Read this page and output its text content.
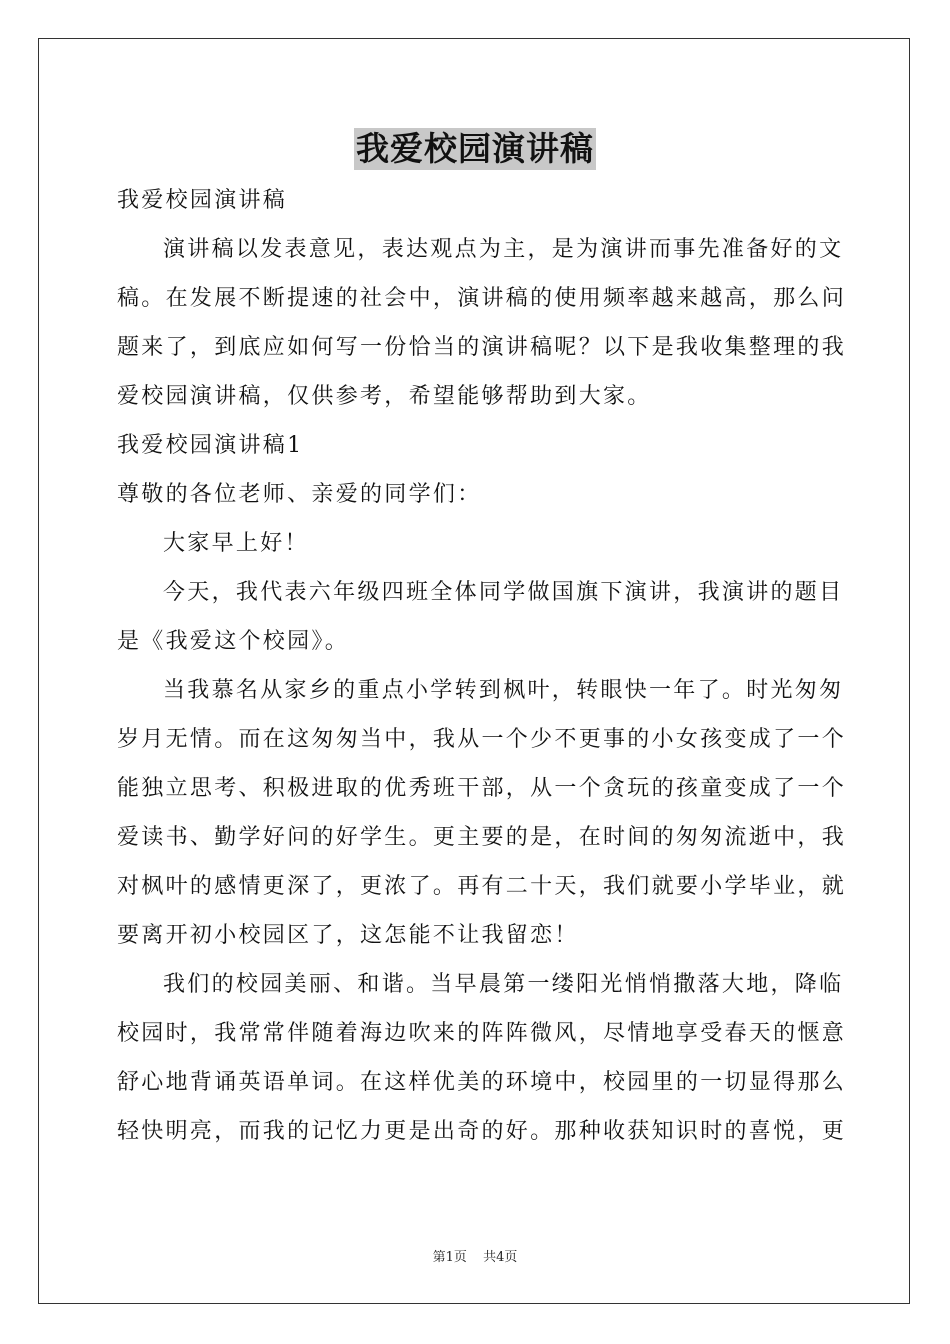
我爱校园演讲稿

我爱校园演讲稿

演讲稿以发表意见，表达观点为主，是为演讲而事先准备好的文

稿。在发展不断提速的社会中，演讲稿的使用频率越来越高，那么问

题来了，到底应如何写一份恰当的演讲稿呢？以下是我收集整理的我

爱校园演讲稿，仅供参考，希望能够帮助到大家。

我爱校园演讲稿1

尊敬的各位老师、亲爱的同学们：

大家早上好！

今天，我代表六年级四班全体同学做国旗下演讲，我演讲的题目

是《我爱这个校园》。

当我慕名从家乡的重点小学转到枫叶，转眼快一年了。时光匆匆

岁月无情。而在这匆匆当中，我从一个少不更事的小女孩变成了一个

能独立思考、积极进取的优秀班干部，从一个贪玩的孩童变成了一个

爱读书、勤学好问的好学生。更主要的是，在时间的匆匆流逝中，我

对枫叶的感情更深了，更浓了。再有二十天，我们就要小学毕业，就

要离开初小校园区了，这怎能不让我留恋！

我们的校园美丽、和谐。当早晨第一缕阳光悄悄撒落大地，降临

校园时，我常常伴随着海边吹来的阵阵微风，尽情地享受春天的惬意

舒心地背诵英语单词。在这样优美的环境中，校园里的一切显得那么

轻快明亮，而我的记忆力更是出奇的好。那种收获知识时的喜悦，更

第1页 共4页
